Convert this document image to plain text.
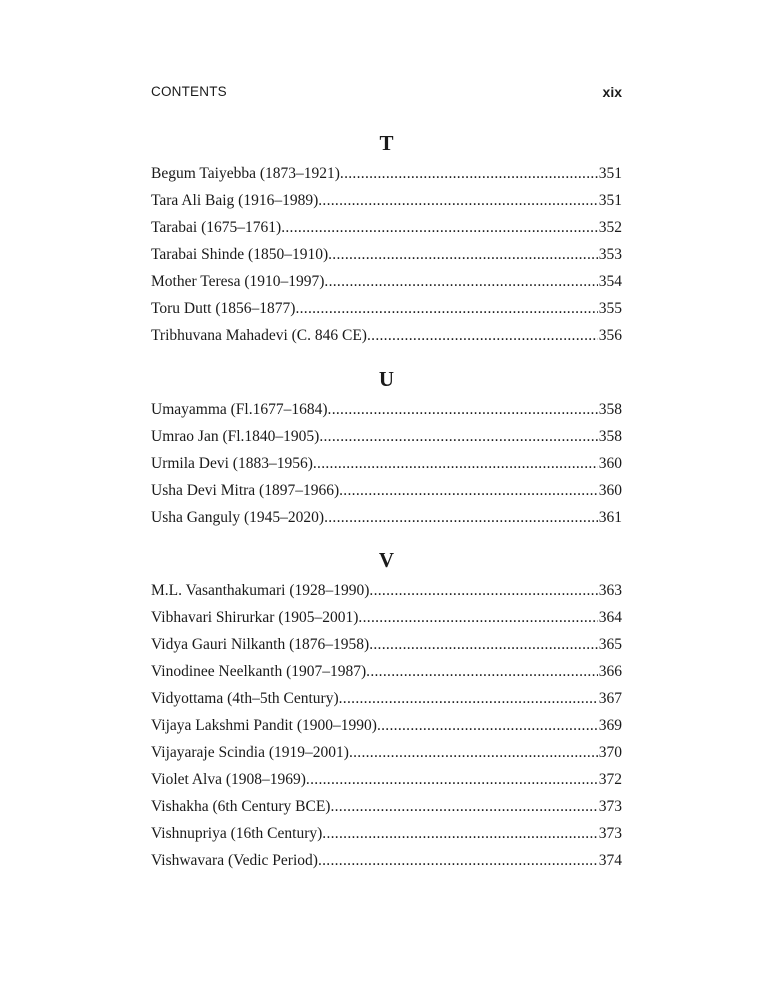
CONTENTS	xix
T
Begum Taiyebba (1873–1921) .....	351
Tara Ali Baig (1916–1989) .....	351
Tarabai (1675–1761) .....	352
Tarabai Shinde (1850–1910) .....	353
Mother Teresa (1910–1997) .....	354
Toru Dutt (1856–1877) .....	355
Tribhuvana Mahadevi (C. 846 CE) .....	356
U
Umayamma (Fl.1677–1684) .....	358
Umrao Jan (Fl.1840–1905) .....	358
Urmila Devi (1883–1956) .....	360
Usha Devi Mitra (1897–1966) .....	360
Usha Ganguly (1945–2020) .....	361
V
M.L. Vasanthakumari (1928–1990) .....	363
Vibhavari Shirurkar (1905–2001) .....	364
Vidya Gauri Nilkanth (1876–1958) .....	365
Vinodinee Neelkanth (1907–1987) .....	366
Vidyottama (4th–5th Century) .....	367
Vijaya Lakshmi Pandit (1900–1990) .....	369
Vijayaraje Scindia (1919–2001) .....	370
Violet Alva (1908–1969) .....	372
Vishakha (6th Century BCE) .....	373
Vishnupriya (16th Century) .....	373
Vishwavara (Vedic Period) .....	374
